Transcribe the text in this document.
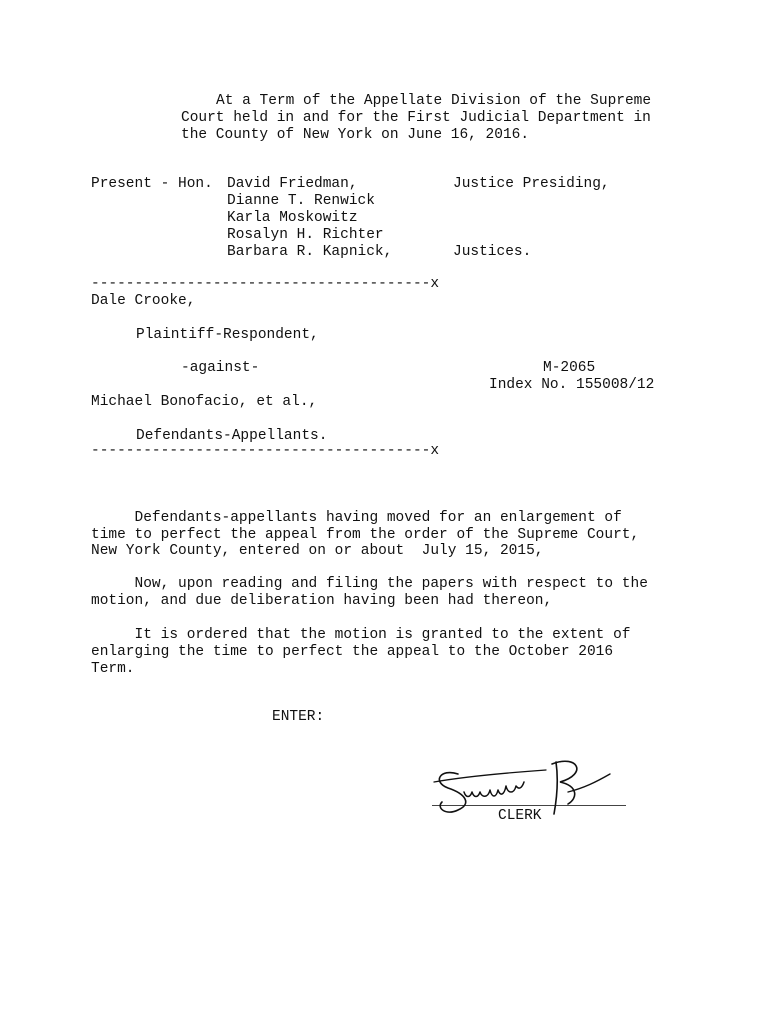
At a Term of the Appellate Division of the Supreme
Court held in and for the First Judicial Department in
the County of New York on June 16, 2016.
Present - Hon. David Friedman,	Justice Presiding,
Dianne T. Renwick
Karla Moskowitz
Rosalyn H. Richter
Barbara R. Kapnick,	Justices.
---------------------------------------x
Dale Crooke,
Plaintiff-Respondent,
-against-	M-2065
Index No. 155008/12
Michael Bonofacio, et al.,
Defendants-Appellants.
---------------------------------------x
Defendants-appellants having moved for an enlargement of
time to perfect the appeal from the order of the Supreme Court,
New York County, entered on or about  July 15, 2015,
Now, upon reading and filing the papers with respect to the
motion, and due deliberation having been had thereon,
It is ordered that the motion is granted to the extent of
enlarging the time to perfect the appeal to the October 2016
Term.
ENTER:
CLERK
